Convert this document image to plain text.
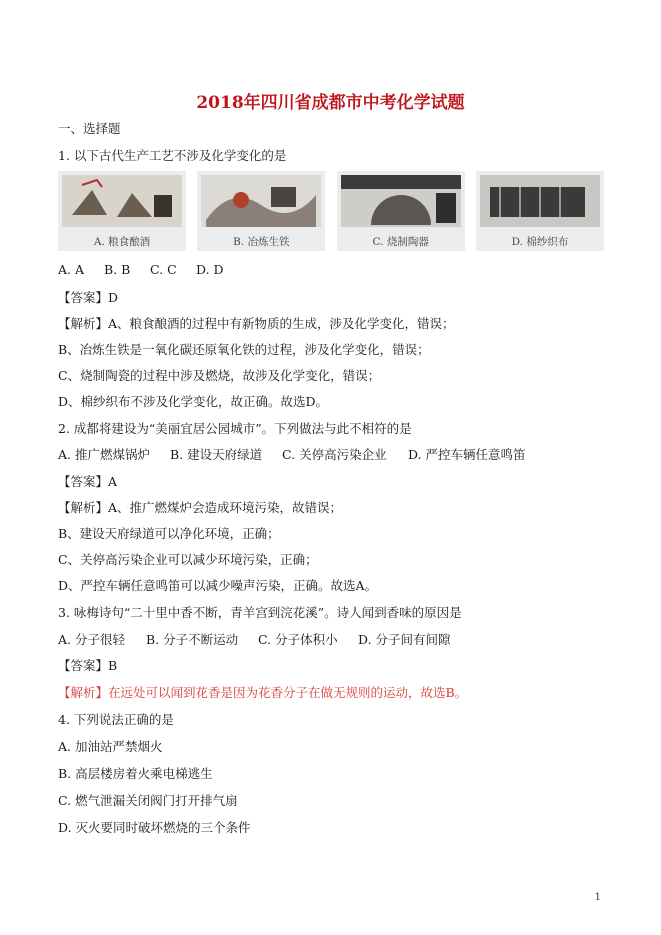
2018年四川省成都市中考化学试题
一、选择题
1. 以下古代生产工艺不涉及化学变化的是
A. 粮食酿酒	B. 冶炼生铁	C. 烧制陶器	D. 棉纱织布
A. A B. B C. C D. D
【答案】D
【解析】A、粮食酿酒的过程中有新物质的生成，涉及化学变化，错误；
B、冶炼生铁是一氧化碳还原氧化铁的过程，涉及化学变化，错误；
C、烧制陶瓷的过程中涉及燃烧，故涉及化学变化，错误；
D、棉纱织布不涉及化学变化，故正确。故选D。
2. 成都将建设为“美丽宜居公园城市”。下列做法与此不相符的是
A. 推广燃煤锅炉 B. 建设天府绿道 C. 关停高污染企业 D. 严控车辆任意鸣笛
【答案】A
【解析】A、推广燃煤炉会造成环境污染，故错误；
B、建设天府绿道可以净化环境，正确；
C、关停高污染企业可以减少环境污染，正确；
D、严控车辆任意鸣笛可以减少噪声污染，正确。故选A。
3. 咏梅诗句“二十里中香不断，青羊宫到浣花溪”。诗人闻到香味的原因是
A. 分子很轻 B. 分子不断运动 C. 分子体积小 D. 分子间有间隙
【答案】B
【解析】在远处可以闻到花香是因为花香分子在做无规则的运动，故选B。
4. 下列说法正确的是
A. 加油站严禁烟火
B. 高层楼房着火乘电梯逃生
C. 燃气泄漏关闭阀门打开排气扇
D. 灭火要同时破坏燃烧的三个条件
1
